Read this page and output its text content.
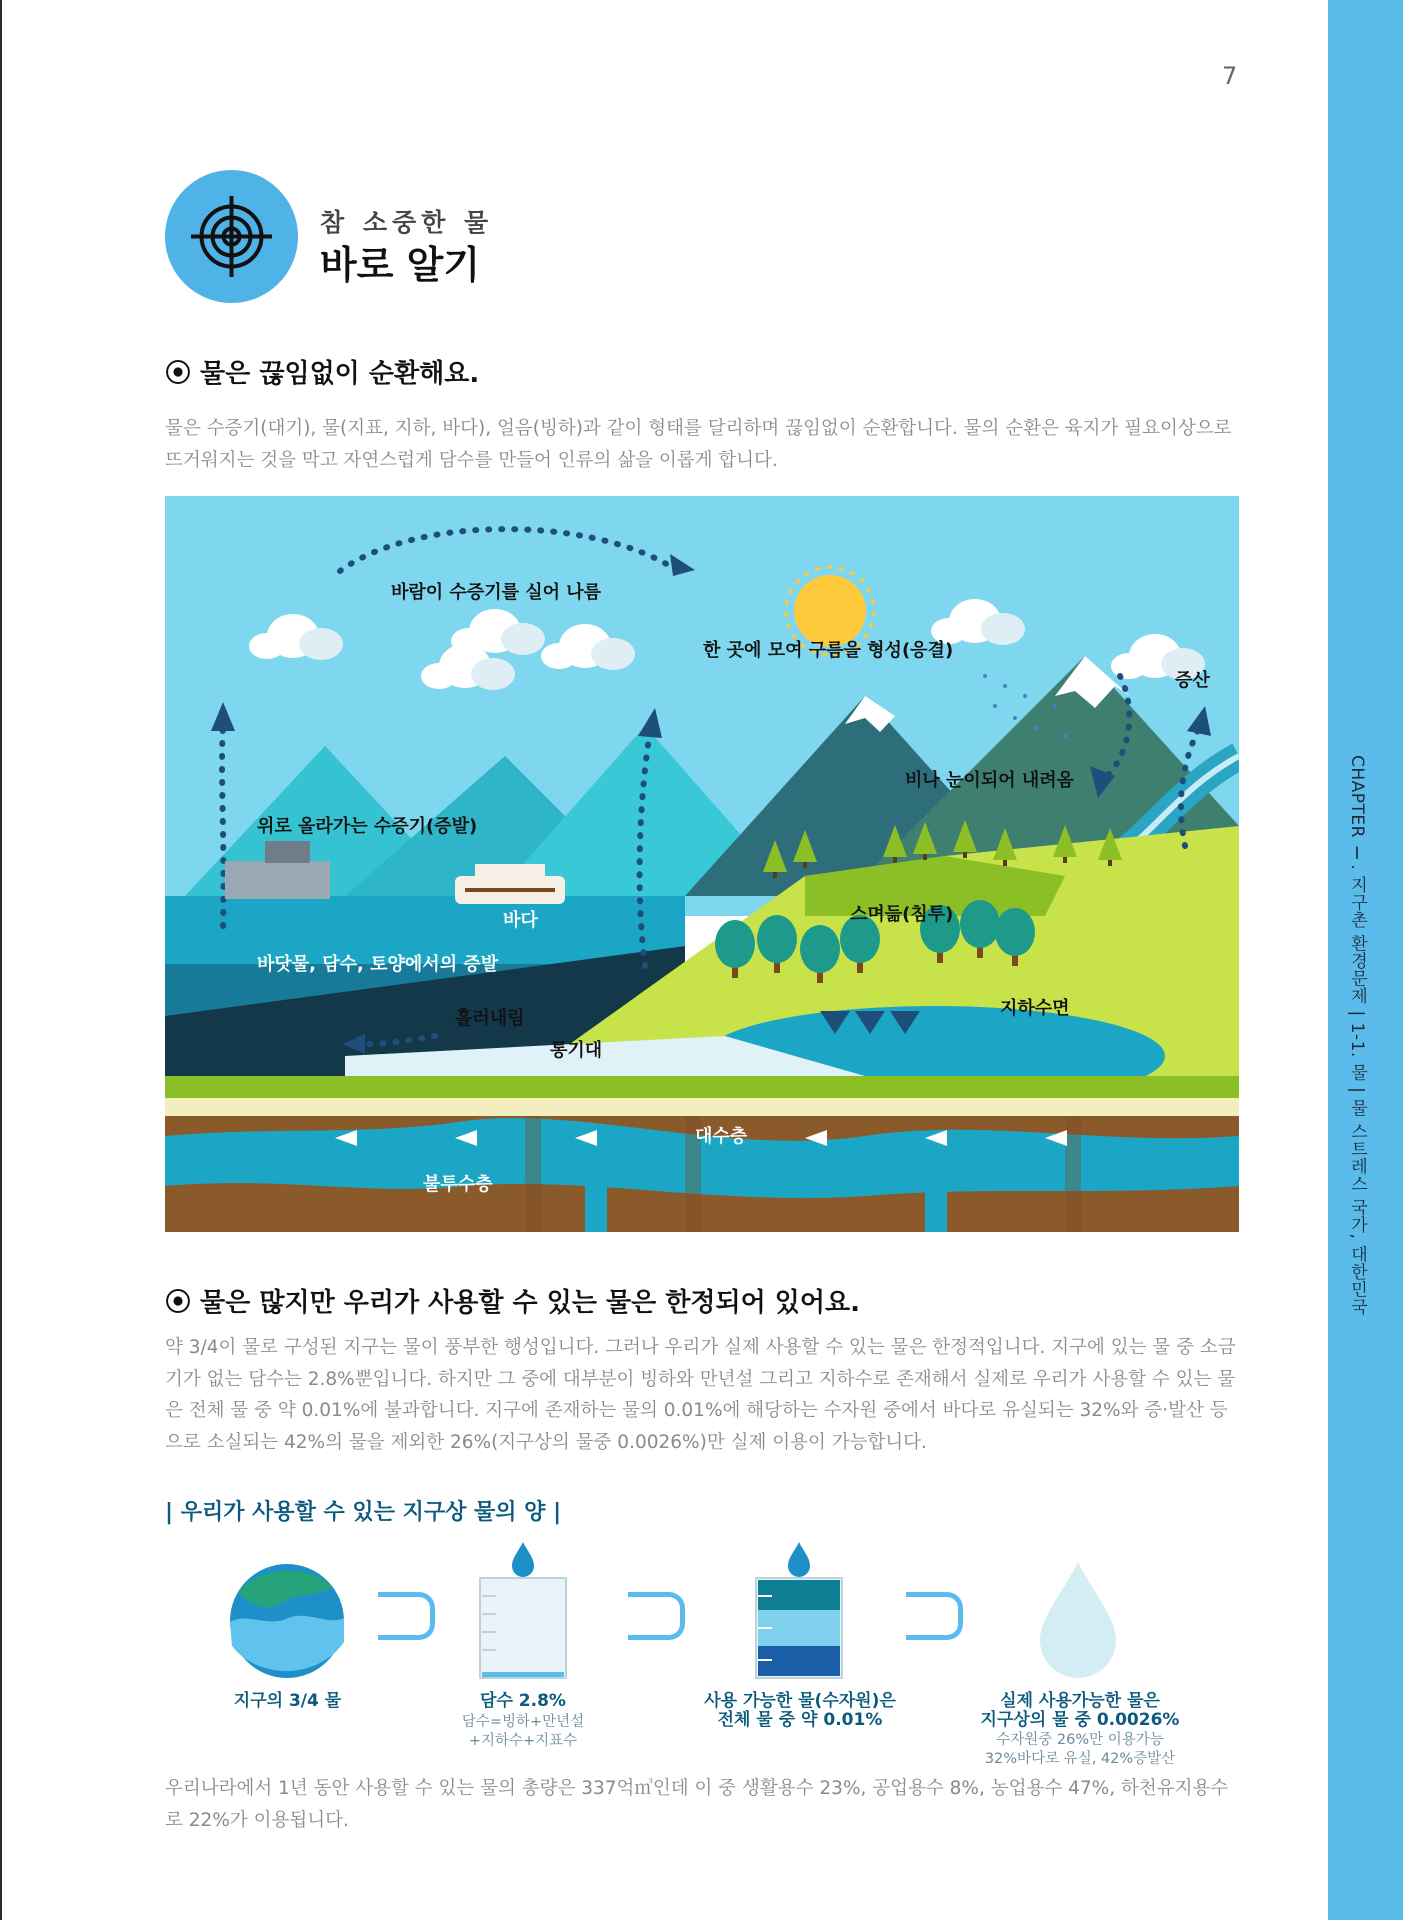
CHAPTER Ⅰ. 지구촌 환경문제 | 1-1. 물 | 물 스트레스 국가, 대한민국
7
참 소중한 물
바로 알기
⦿ 물은 끊임없이 순환해요.
물은 수증기(대기), 물(지표, 지하, 바다), 얼음(빙하)과 같이 형태를 달리하며 끊임없이 순환합니다. 물의 순환은 육지가 필요이상으로 뜨거워지는 것을 막고 자연스럽게 담수를 만들어 인류의 삶을 이롭게 합니다.
바람이 수증기를 실어 나름
한 곳에 모여 구름을 형성(응결)
증산
비나 눈이되어 내려옴
위로 올라가는 수증기(증발)
바다
바닷물, 담수, 토양에서의 증발
스며듦(침투)
지하수면
흘러내림
통기대
대수층
불투수층
⦿ 물은 많지만 우리가 사용할 수 있는 물은 한정되어 있어요.
약 3/4이 물로 구성된 지구는 물이 풍부한 행성입니다. 그러나 우리가 실제 사용할 수 있는 물은 한정적입니다. 지구에 있는 물 중 소금기가 없는 담수는 2.8%뿐입니다. 하지만 그 중에 대부분이 빙하와 만년설 그리고 지하수로 존재해서 실제로 우리가 사용할 수 있는 물은 전체 물 중 약 0.01%에 불과합니다. 지구에 존재하는 물의 0.01%에 해당하는 수자원 중에서 바다로 유실되는 32%와 증·발산 등으로 소실되는 42%의 물을 제외한 26%(지구상의 물중 0.0026%)만 실제 이용이 가능합니다.
| 우리가 사용할 수 있는 지구상 물의 양 |
지구의 3/4 물	담수 2.8%
담수=빙하+만년설
+지하수+지표수
사용 가능한 물(수자원)은
전체 물 중 약 0.01%
실제 사용가능한 물은
지구상의 물 중 0.0026%
수자원중 26%만 이용가능
32%바다로 유실, 42%증발산
우리나라에서 1년 동안 사용할 수 있는 물의 총량은 337억㎥인데 이 중 생활용수 23%, 공업용수 8%, 농업용수 47%, 하천유지용수로 22%가 이용됩니다.
